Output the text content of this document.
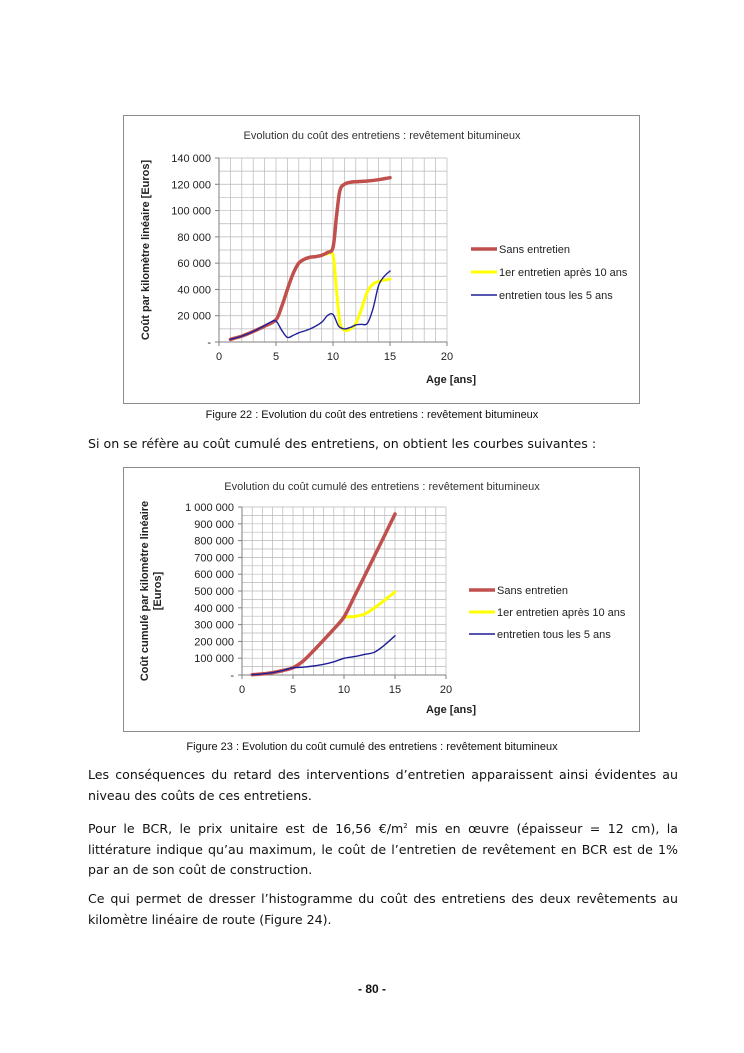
-
20 000
40 000
60 000
80 000
100 000
120 000
140 000
0	5	10	15	20
Evolution du coût des entretiens : revêtement bitumineux
Age [ans]
Coût par kilomètre linéaire [Euros]	Sans entretien
1er entretien après 10 ans
entretien tous les 5 ans
Figure 22 : Evolution du coût des entretiens : revêtement bitumineux
Si on se réfère au coût cumulé des entretiens, on obtient les courbes suivantes :
-
100 000
200 000
300 000
400 000
500 000
600 000
700 000
800 000
900 000
1 000 000
0	5	10	15	20
Evolution du coût cumulé des entretiens : revêtement bitumineux
Age [ans]
Coût cumulé par kilomètre linéaire[Euros]	Sans entretien
1er entretien après 10 ans
entretien tous les 5 ans
Figure 23 : Evolution du coût cumulé des entretiens : revêtement bitumineux
Les conséquences du retard des interventions d’entretien apparaissent ainsi évidentes au niveau des coûts de ces entretiens.
Pour le BCR, le prix unitaire est de 16,56 $€/m^2$ mis en œuvre (épaisseur = 12 cm), la littérature indique qu’au maximum, le coût de l’entretien de revêtement en BCR est de 1% par an de son coût de construction.
Ce qui permet de dresser l’histogramme du coût des entretiens des deux revêtements au kilomètre linéaire de route (Figure 24).
- 80 -
